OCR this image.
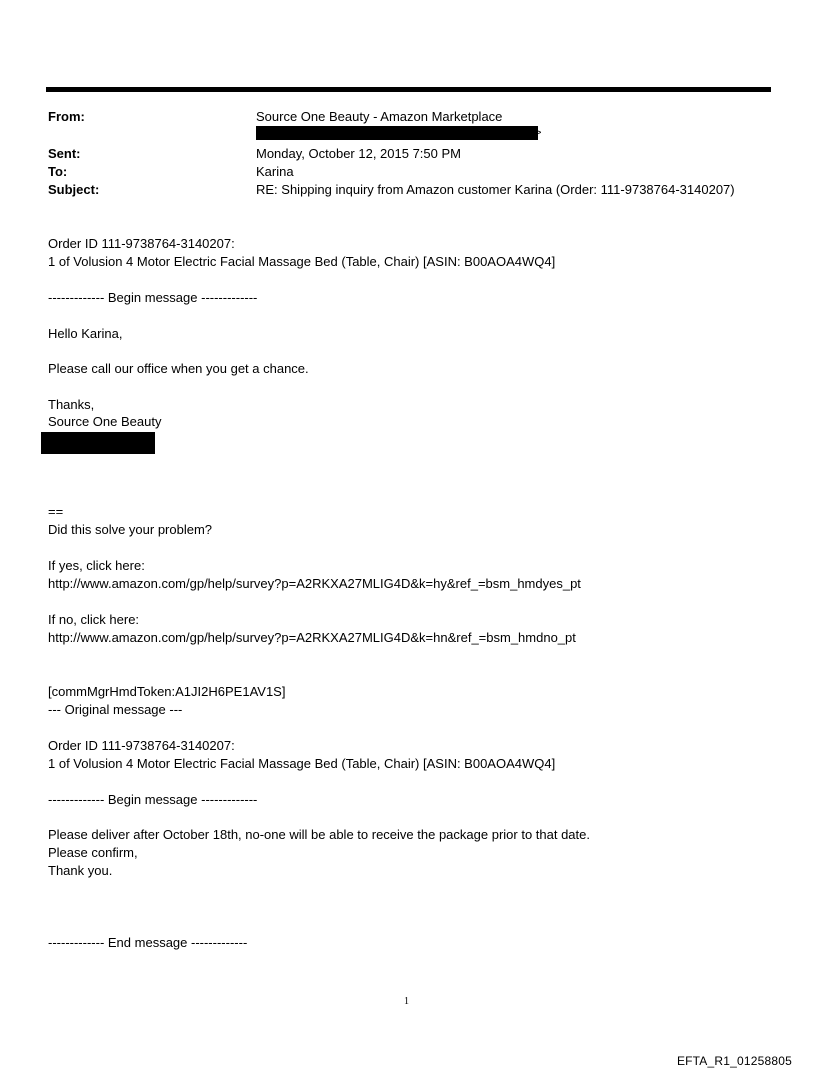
From:	Source One Beauty - Amazon Marketplace
>
Sent:	Monday, October 12, 2015 7:50 PM
To:	Karina
Subject:	RE: Shipping inquiry from Amazon customer Karina (Order: 111-9738764-3140207)
Order ID 111-9738764-3140207:
1 of Volusion 4 Motor Electric Facial Massage Bed (Table, Chair) [ASIN: B00AOA4WQ4]
------------- Begin message -------------
Hello Karina,
Please call our office when you get a chance.
Thanks,
Source One Beauty
==
Did this solve your problem?
If yes, click here:
http://www.amazon.com/gp/help/survey?p=A2RKXA27MLIG4D&k=hy&ref_=bsm_hmdyes_pt
If no, click here:
http://www.amazon.com/gp/help/survey?p=A2RKXA27MLIG4D&k=hn&ref_=bsm_hmdno_pt
[commMgrHmdToken:A1JI2H6PE1AV1S]
--- Original message ---
Order ID 111-9738764-3140207:
1 of Volusion 4 Motor Electric Facial Massage Bed (Table, Chair) [ASIN: B00AOA4WQ4]
------------- Begin message -------------
Please deliver after October 18th, no-one will be able to receive the package prior to that date.
Please confirm,
Thank you.
------------- End message -------------
1
EFTA_R1_01258805
